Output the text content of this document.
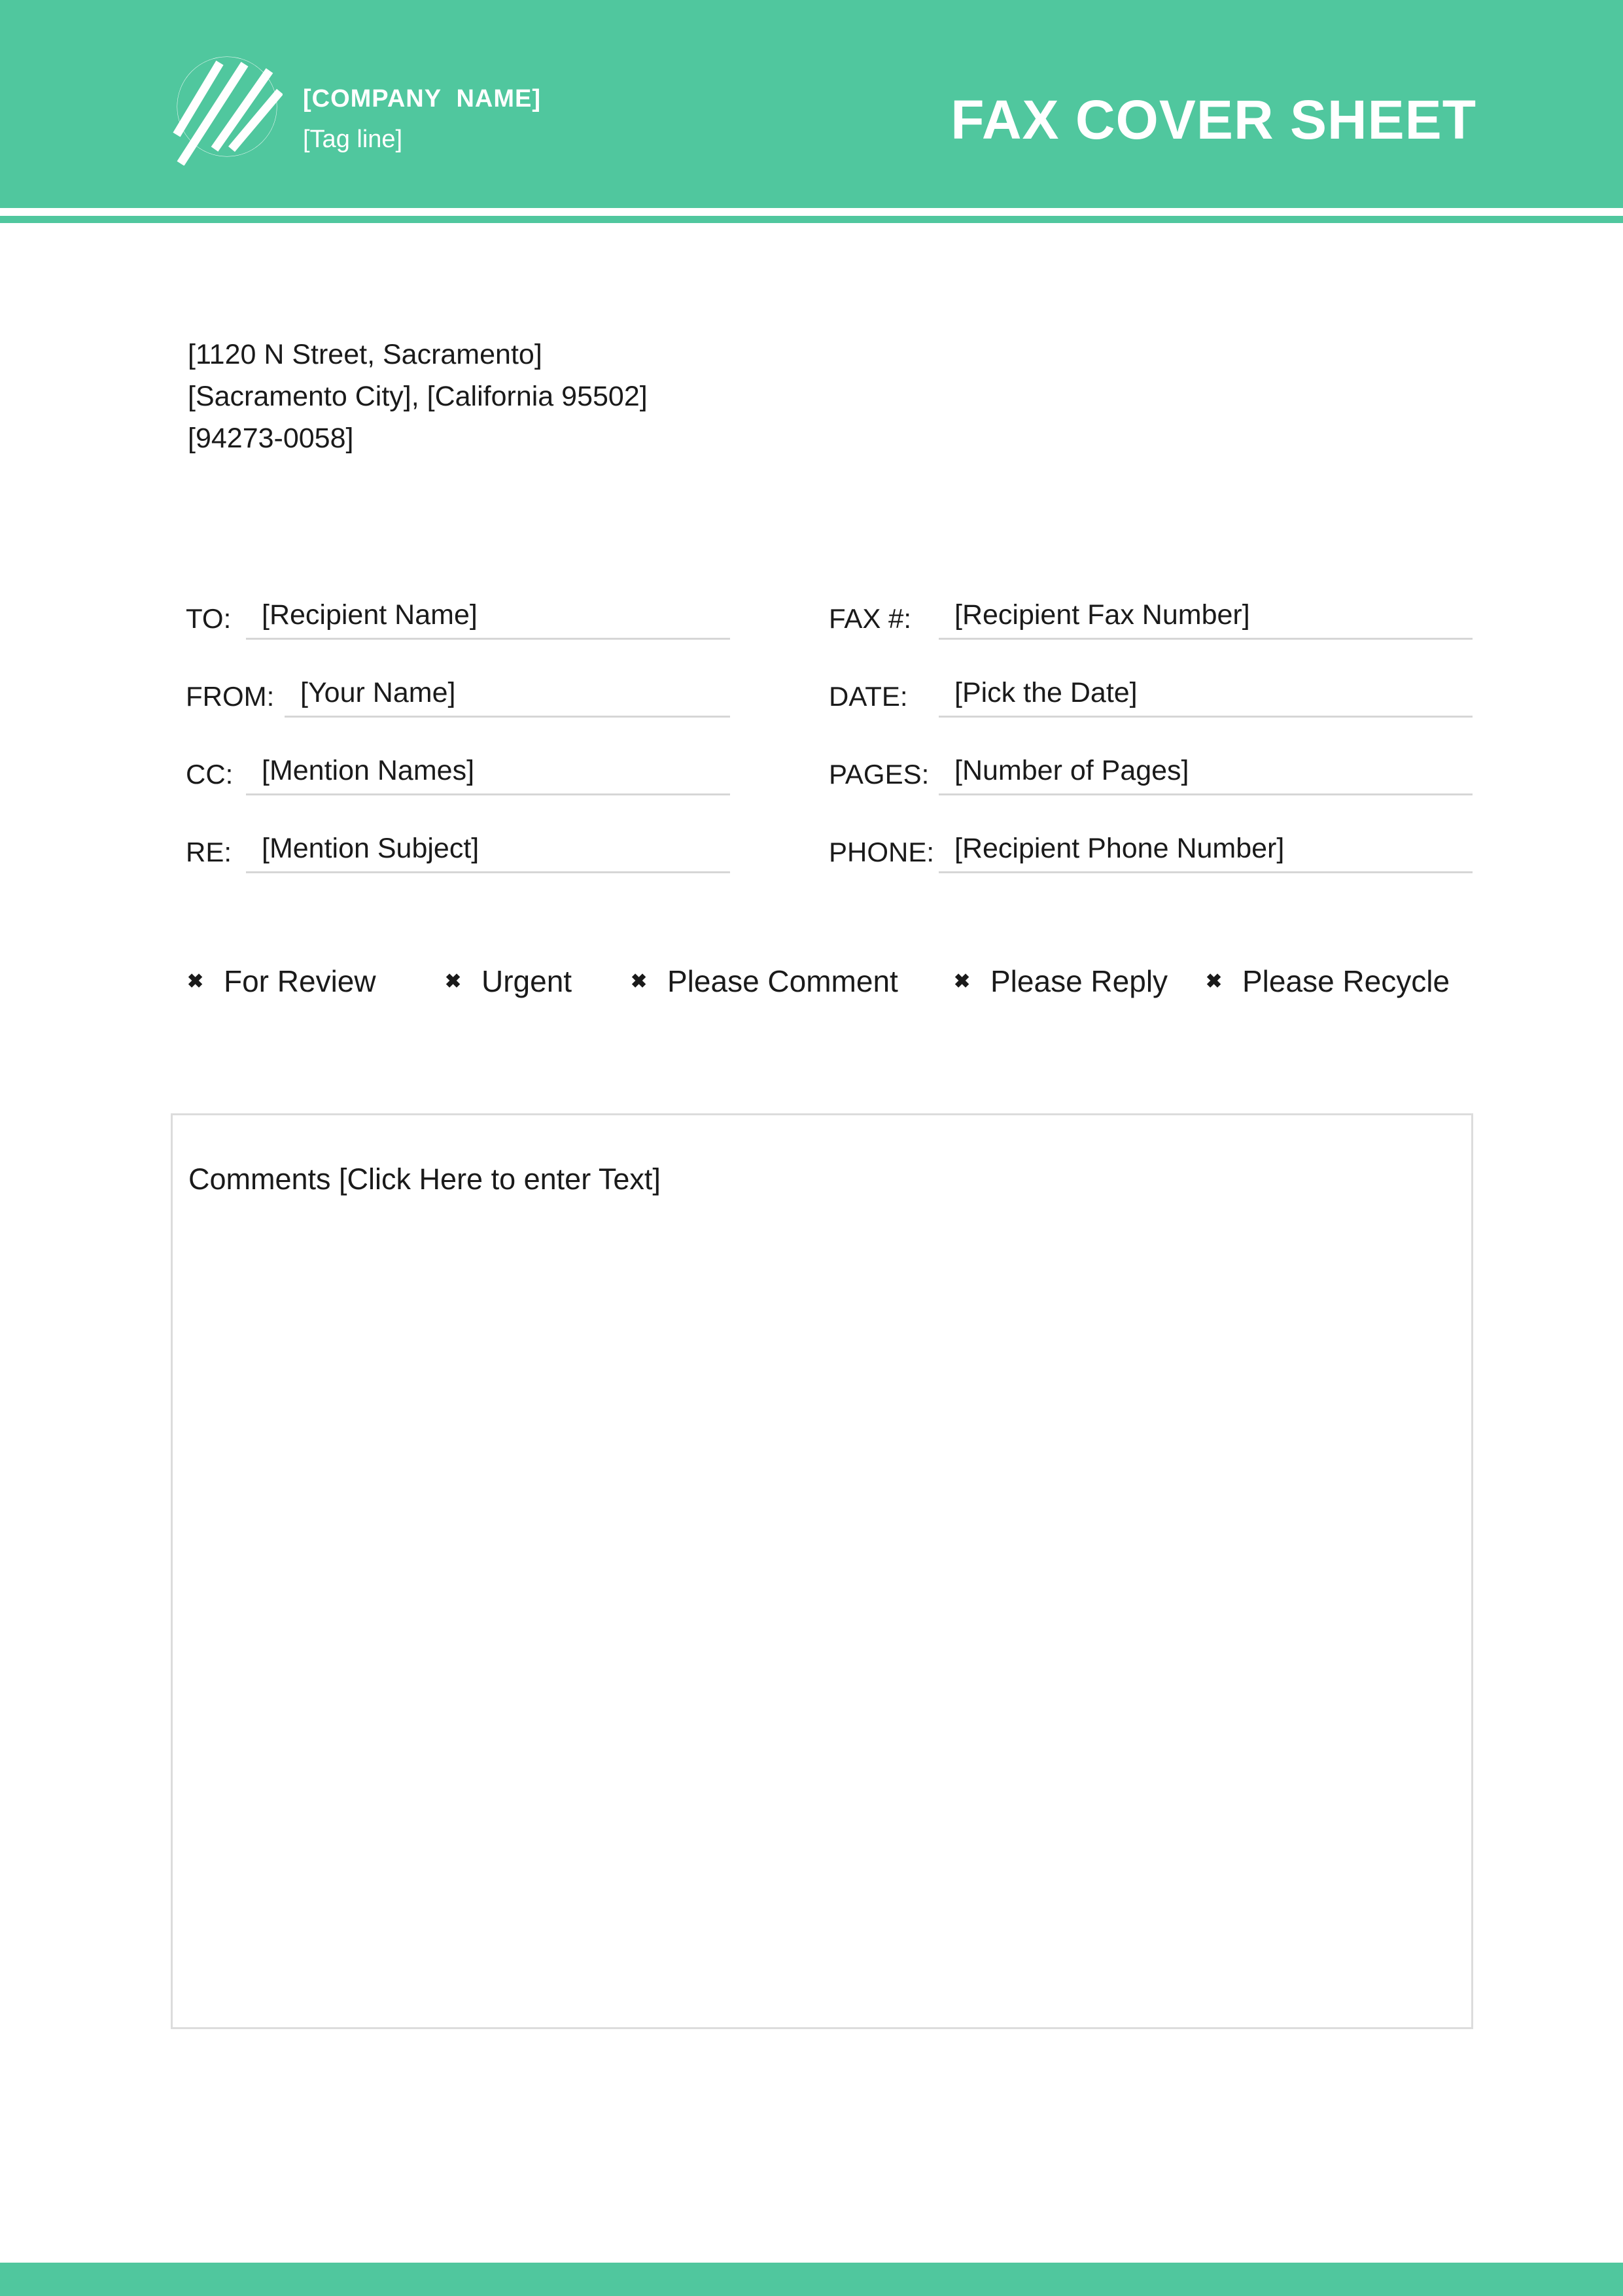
[COMPANY  NAME]
[Tag line]	FAX COVER SHEET
[1120 N Street, Sacramento]
[Sacramento City], [California 95502]
[94273-0058]
TO: [Recipient Name]
FROM: [Your Name]
CC: [Mention Names]
RE: [Mention Subject]
FAX #: [Recipient Fax Number]
DATE: [Pick the Date]
PAGES: [Number of Pages]
PHONE: [Recipient Phone Number]
✖ For Review	✖ Urgent	✖ Please Comment	✖ Please Reply ✖ Please Recycle
Comments [Click Here to enter Text]
